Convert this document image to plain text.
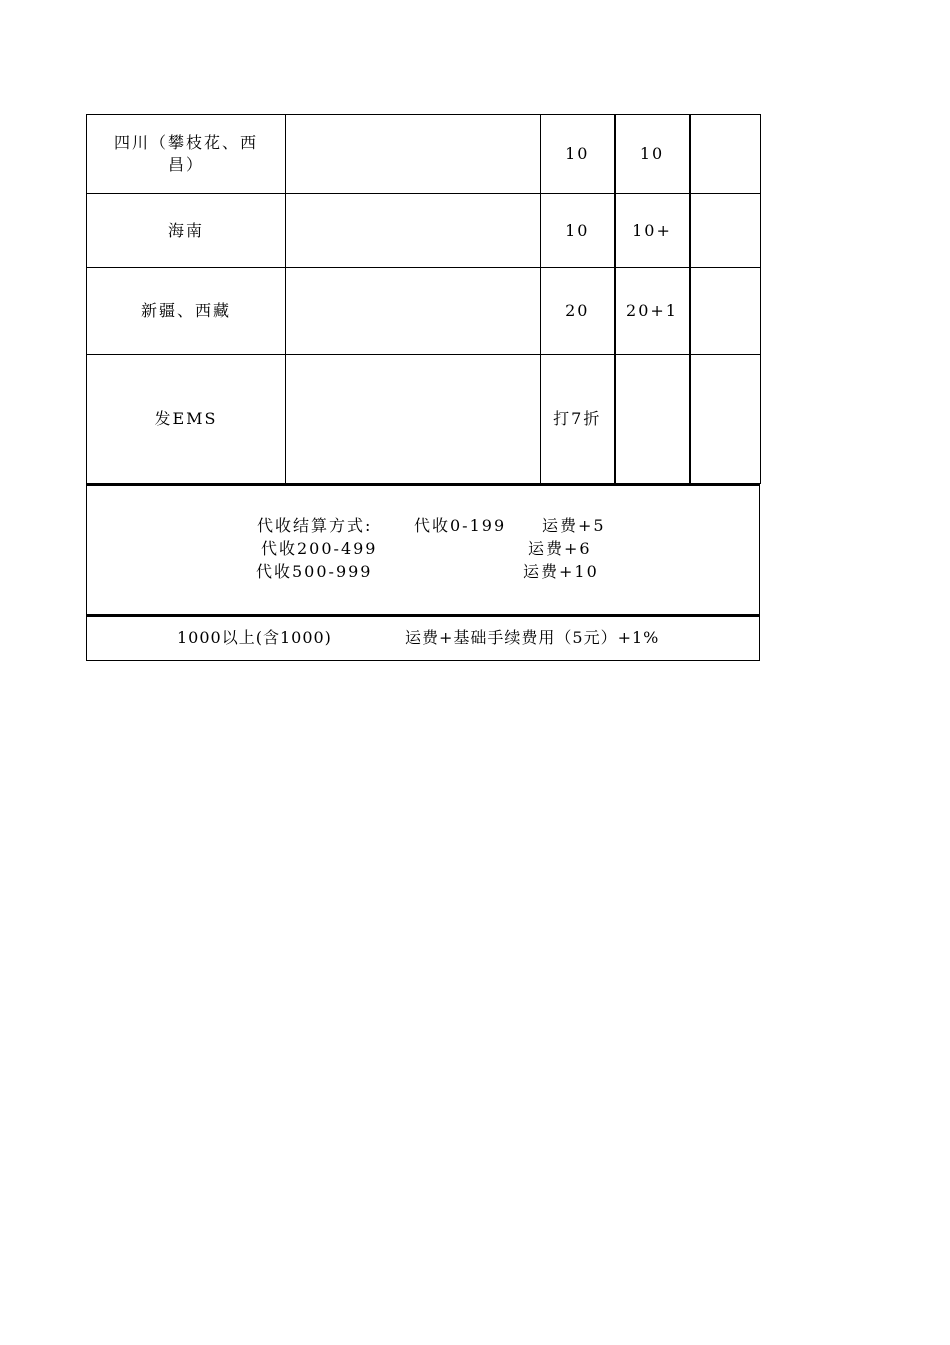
四川（攀枝花、西昌）		10	10	
海南		10	10+	
新疆、西藏		20	20+1	
发EMS		打7折		
代收结算方式:	代收0-199 运费+5
代收200-499	运费+6
代收500-999	运费+10
1000以上(含1000)	运费+基础手续费用（5元）+1%
